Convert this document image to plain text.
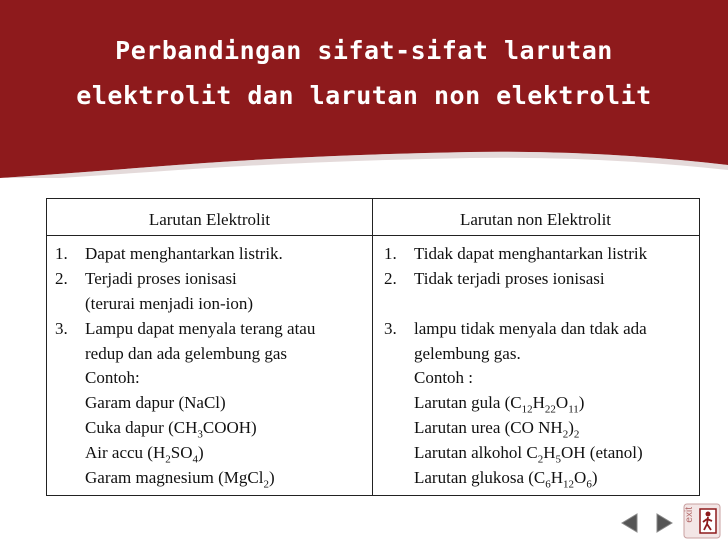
Perbandingan sifat-sifat larutan
elektrolit dan larutan non elektrolit
Larutan Elektrolit
1. Dapat menghantarkan listrik.
2. Terjadi proses ionisasi
(terurai menjadi ion-ion)
3. Lampu dapat menyala terang atau
redup dan ada gelembung gas
Contoh:
Garam dapur (NaCl)
Cuka dapur $(CH_3COOH)$
Air accu $(H_2SO_4)$
Garam magnesium (MgCl$_2$)
Larutan non Elektrolit
1. Tidak dapat menghantarkan listrik
2. Tidak terjadi proses ionisasi
3. lampu tidak menyala dan tdak ada
gelembung gas.
Contoh :
Larutan gula $(C_{12}H_{22}O_{11})$
Larutan urea (CO $NH_2)_2$
Larutan alkohol $C_2H_5OH$ (etanol)
Larutan glukosa $(C_6H_{12}O_6)$
exit
